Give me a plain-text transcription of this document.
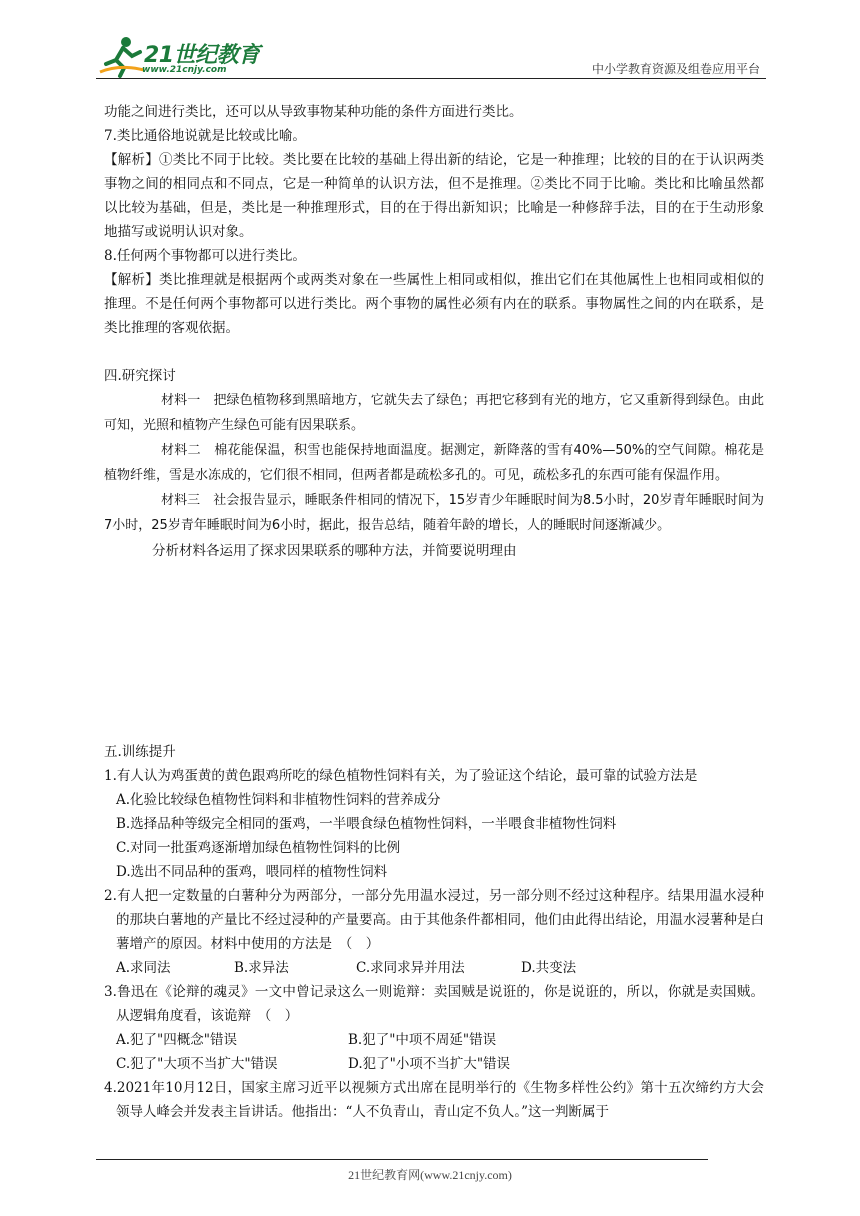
21世纪教育
www.21cnjy.com	中小学教育资源及组卷应用平台

功能之间进行类比，还可以从导致事物某种功能的条件方面进行类比。

7.类比通俗地说就是比较或比喻。

【解析】①类比不同于比较。类比要在比较的基础上得出新的结论，它是一种推理；比较的目的在于认识两类事物之间的相同点和不同点，它是一种简单的认识方法，但不是推理。②类比不同于比喻。类比和比喻虽然都以比较为基础，但是，类比是一种推理形式，目的在于得出新知识；比喻是一种修辞手法，目的在于生动形象地描写或说明认识对象。

8.任何两个事物都可以进行类比。

【解析】类比推理就是根据两个或两类对象在一些属性上相同或相似，推出它们在其他属性上也相同或相似的推理。不是任何两个事物都可以进行类比。两个事物的属性必须有内在的联系。事物属性之间的内在联系，是类比推理的客观依据。

四.研究探讨

材料一　把绿色植物移到黑暗地方，它就失去了绿色；再把它移到有光的地方，它又重新得到绿色。由此可知，光照和植物产生绿色可能有因果联系。

材料二　棉花能保温，积雪也能保持地面温度。据测定，新降落的雪有40%—50%的空气间隙。棉花是植物纤维，雪是水冻成的，它们很不相同，但两者都是疏松多孔的。可见，疏松多孔的东西可能有保温作用。

材料三　社会报告显示，睡眠条件相同的情况下，15岁青少年睡眠时间为8.5小时，20岁青年睡眠时间为7小时，25岁青年睡眠时间为6小时，据此，报告总结，随着年龄的增长，人的睡眠时间逐渐减少。

分析材料各运用了探求因果联系的哪种方法，并简要说明理由

五.训练提升

1.有人认为鸡蛋黄的黄色跟鸡所吃的绿色植物性饲料有关，为了验证这个结论，最可靠的试验方法是

A.化验比较绿色植物性饲料和非植物性饲料的营养成分

B.选择品种等级完全相同的蛋鸡，一半喂食绿色植物性饲料，一半喂食非植物性饲料

C.对同一批蛋鸡逐渐增加绿色植物性饲料的比例

D.选出不同品种的蛋鸡，喂同样的植物性饲料

2.有人把一定数量的白薯种分为两部分，一部分先用温水浸过，另一部分则不经过这种程序。结果用温水浸种的那块白薯地的产量比不经过浸种的产量要高。由于其他条件都相同，他们由此得出结论，用温水浸薯种是白薯增产的原因。材料中使用的方法是　（　）

A.求同法	B.求异法	C.求同求异并用法	D.共变法

3.鲁迅在《论辩的魂灵》一文中曾记录这么一则诡辩：卖国贼是说诳的，你是说诳的，所以，你就是卖国贼。从逻辑角度看，该诡辩　（　）

A.犯了"四概念"错误	B.犯了"中项不周延"错误
C.犯了"大项不当扩大"错误	D.犯了"小项不当扩大"错误

4.2021年10月12日，国家主席习近平以视频方式出席在昆明举行的《生物多样性公约》第十五次缔约方大会领导人峰会并发表主旨讲话。他指出：“人不负青山，青山定不负人。”这一判断属于

21世纪教育网(www.21cnjy.com)
